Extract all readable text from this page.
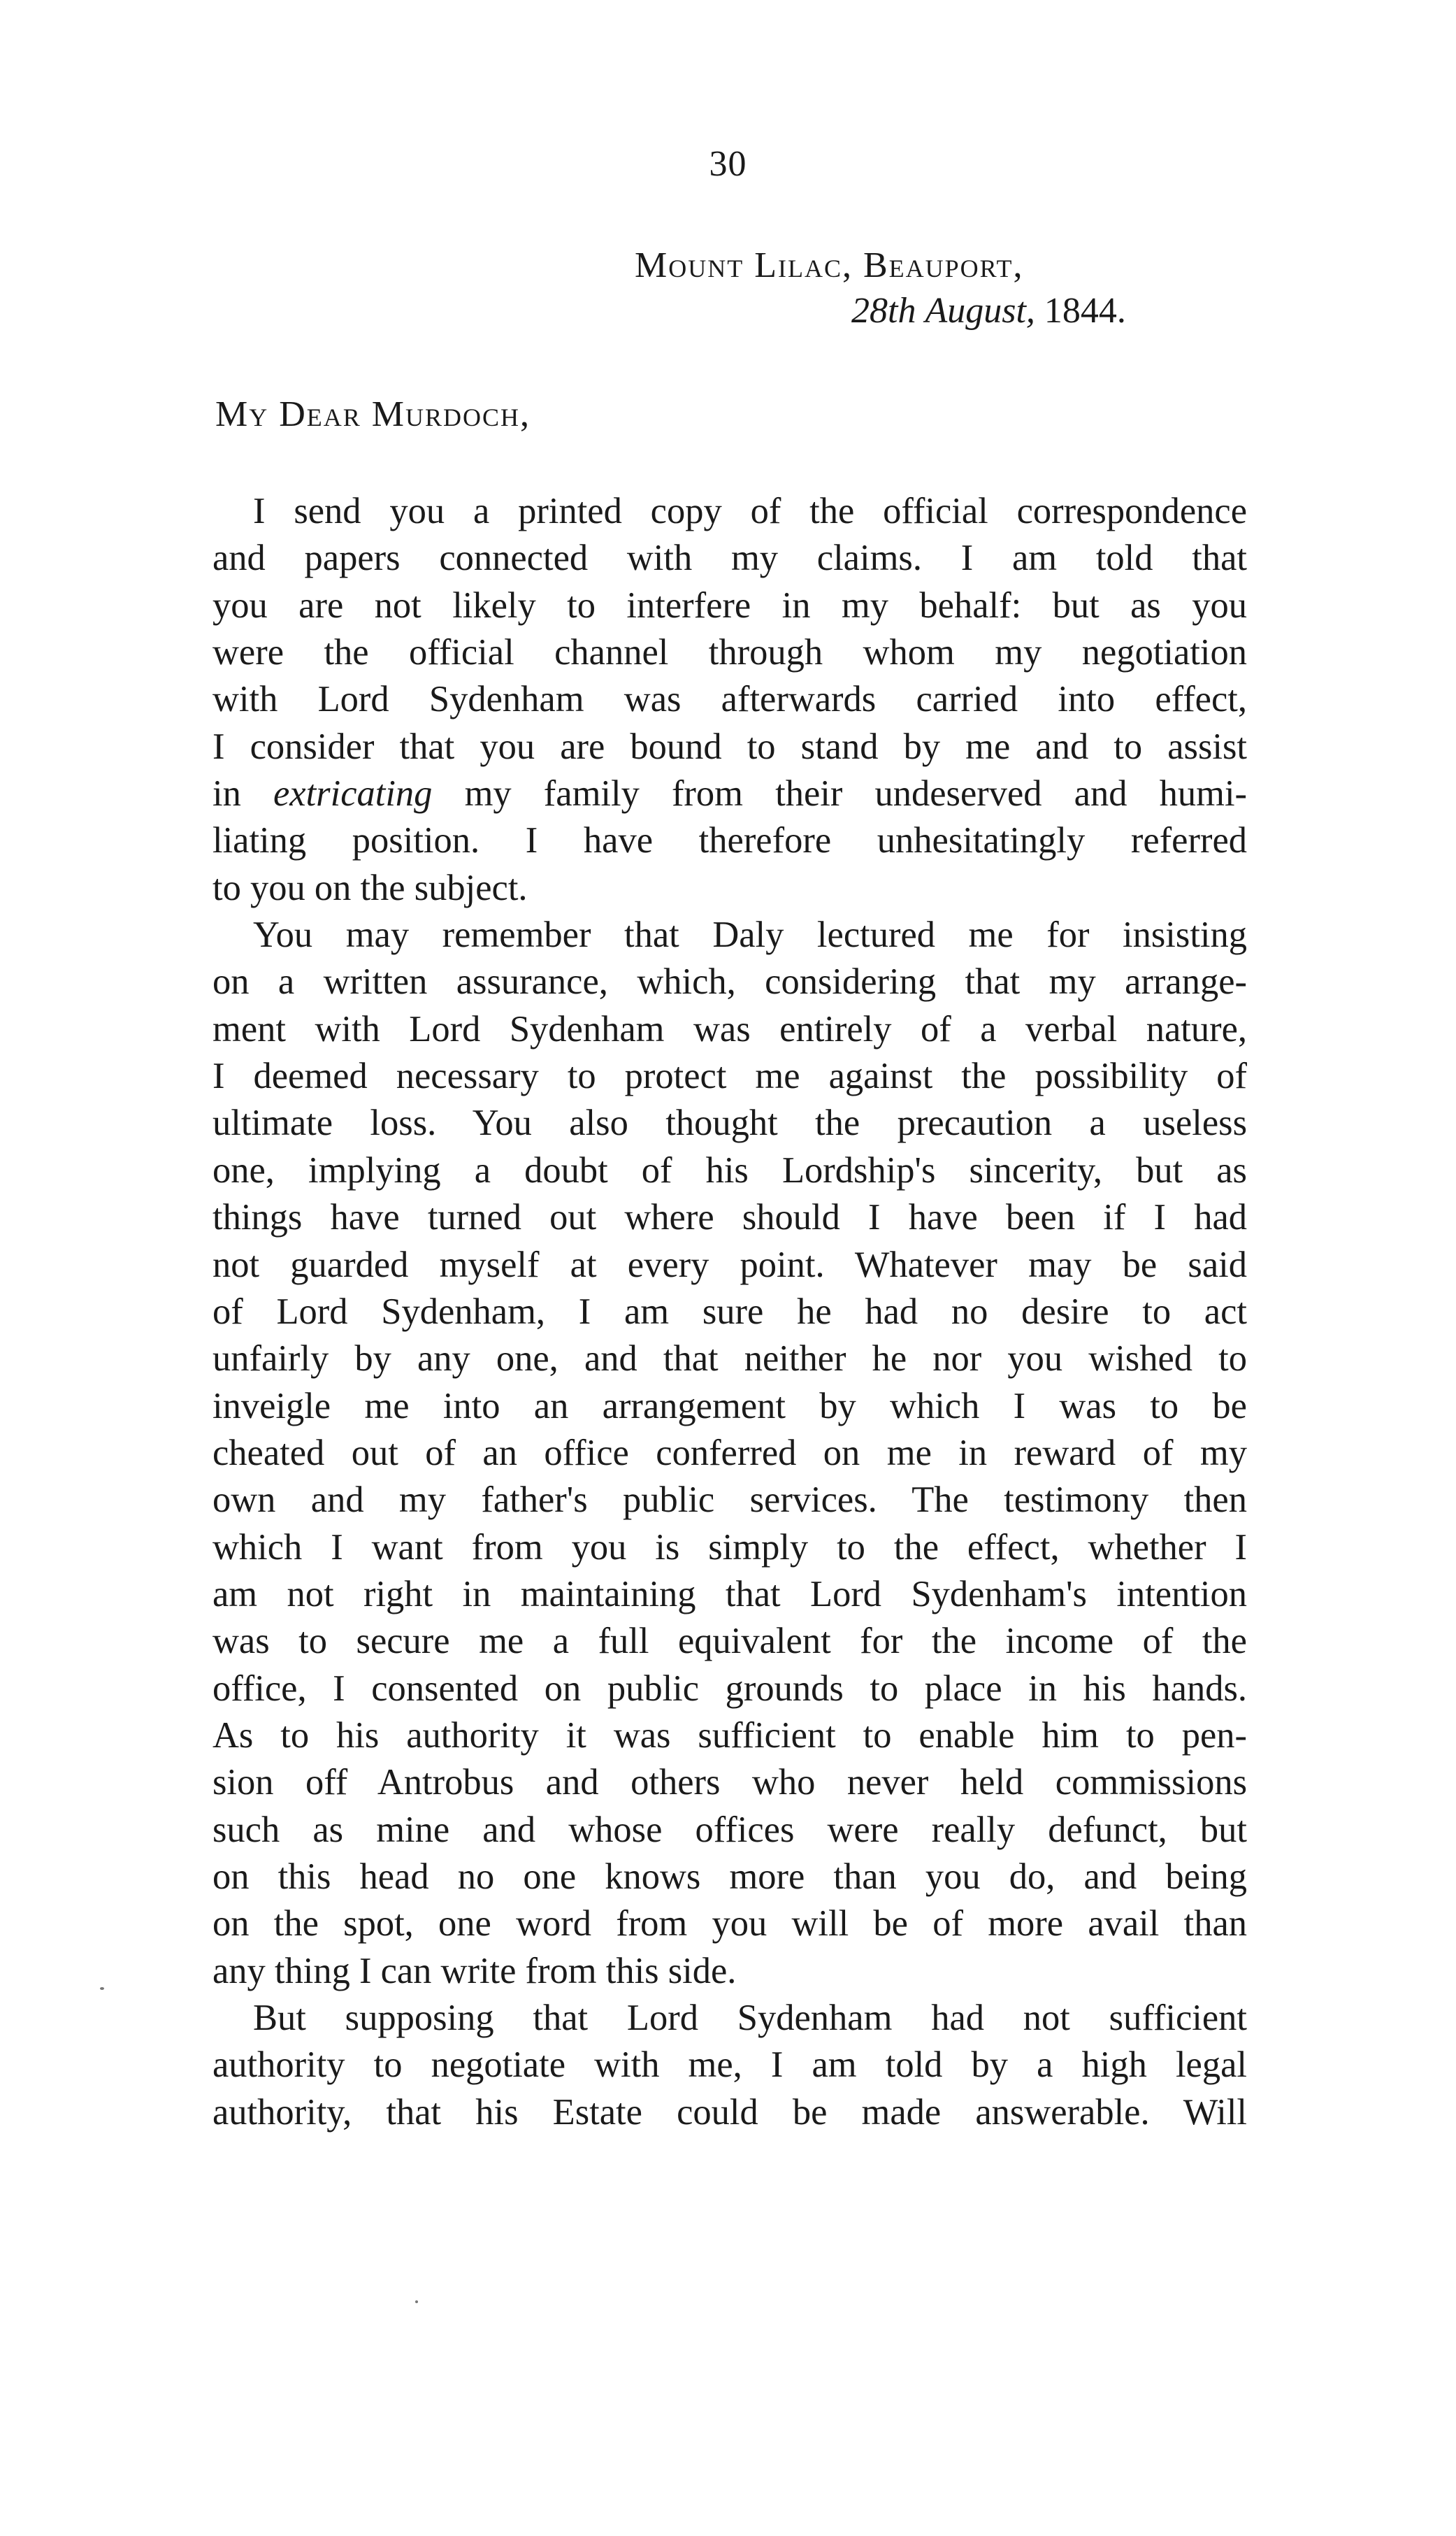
30
Mount Lilac, Beauport,
28th August, 1844.
My Dear Murdoch,
I send you a printed copy of the official correspondence
and papers connected with my claims. I am told that
you are not likely to interfere in my behalf: but as you
were the official channel through whom my negotiation
with Lord Sydenham was afterwards carried into effect,
I consider that you are bound to stand by me and to assist
in extricating my family from their undeserved and humi-
liating position. I have therefore unhesitatingly referred
to you on the subject.
You may remember that Daly lectured me for insisting
on a written assurance, which, considering that my arrange-
ment with Lord Sydenham was entirely of a verbal nature,
I deemed necessary to protect me against the possibility of
ultimate loss. You also thought the precaution a useless
one, implying a doubt of his Lordship's sincerity, but as
things have turned out where should I have been if I had
not guarded myself at every point. Whatever may be said
of Lord Sydenham, I am sure he had no desire to act
unfairly by any one, and that neither he nor you wished to
inveigle me into an arrangement by which I was to be
cheated out of an office conferred on me in reward of my
own and my father's public services. The testimony then
which I want from you is simply to the effect, whether I
am not right in maintaining that Lord Sydenham's intention
was to secure me a full equivalent for the income of the
office, I consented on public grounds to place in his hands.
As to his authority it was sufficient to enable him to pen-
sion off Antrobus and others who never held commissions
such as mine and whose offices were really defunct, but
on this head no one knows more than you do, and being
on the spot, one word from you will be of more avail than
any thing I can write from this side.
But supposing that Lord Sydenham had not sufficient
authority to negotiate with me, I am told by a high legal
authority, that his Estate could be made answerable. Will
